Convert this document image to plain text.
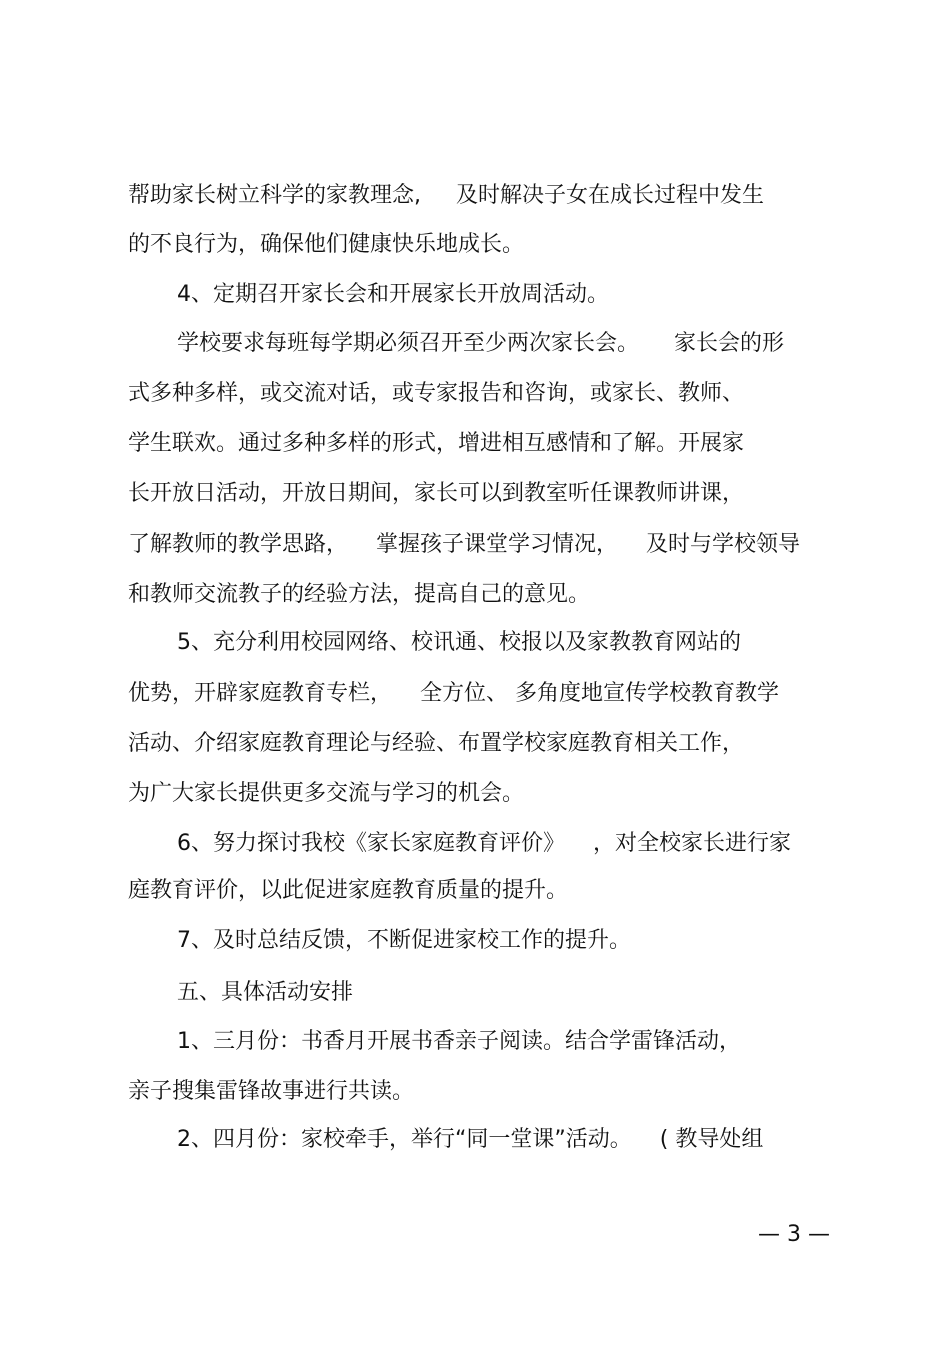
帮助家长树立科学的家教理念,     及时解决子女在成长过程中发生
的不良行为，确保他们健康快乐地成长。
4、定期召开家长会和开展家长开放周活动。
学校要求每班每学期必须召开至少两次家长会。     家长会的形
式多种多样，或交流对话，或专家报告和咨询，或家长、教师、
学生联欢。通过多种多样的形式，增进相互感情和了解。开展家
长开放日活动，开放日期间，家长可以到教室听任课教师讲课，
了解教师的教学思路，    掌握孩子课堂学习情况，    及时与学校领导
和教师交流教子的经验方法，提高自己的意见。
5、充分利用校园网络、校讯通、校报以及家教教育网站的
优势，开辟家庭教育专栏，    全方位、 多角度地宣传学校教育教学
活动、介绍家庭教育理论与经验、布置学校家庭教育相关工作，
为广大家长提供更多交流与学习的机会。
6、努力探讨我校《家长家庭教育评价》    ，对全校家长进行家
庭教育评价，以此促进家庭教育质量的提升。
7、及时总结反馈，不断促进家校工作的提升。
五、具体活动安排
1、三月份：书香月开展书香亲子阅读。结合学雷锋活动，
亲子搜集雷锋故事进行共读。
2、四月份：家校牵手，举行“同一堂课”活动。    ( 教导处组
— 3 —
